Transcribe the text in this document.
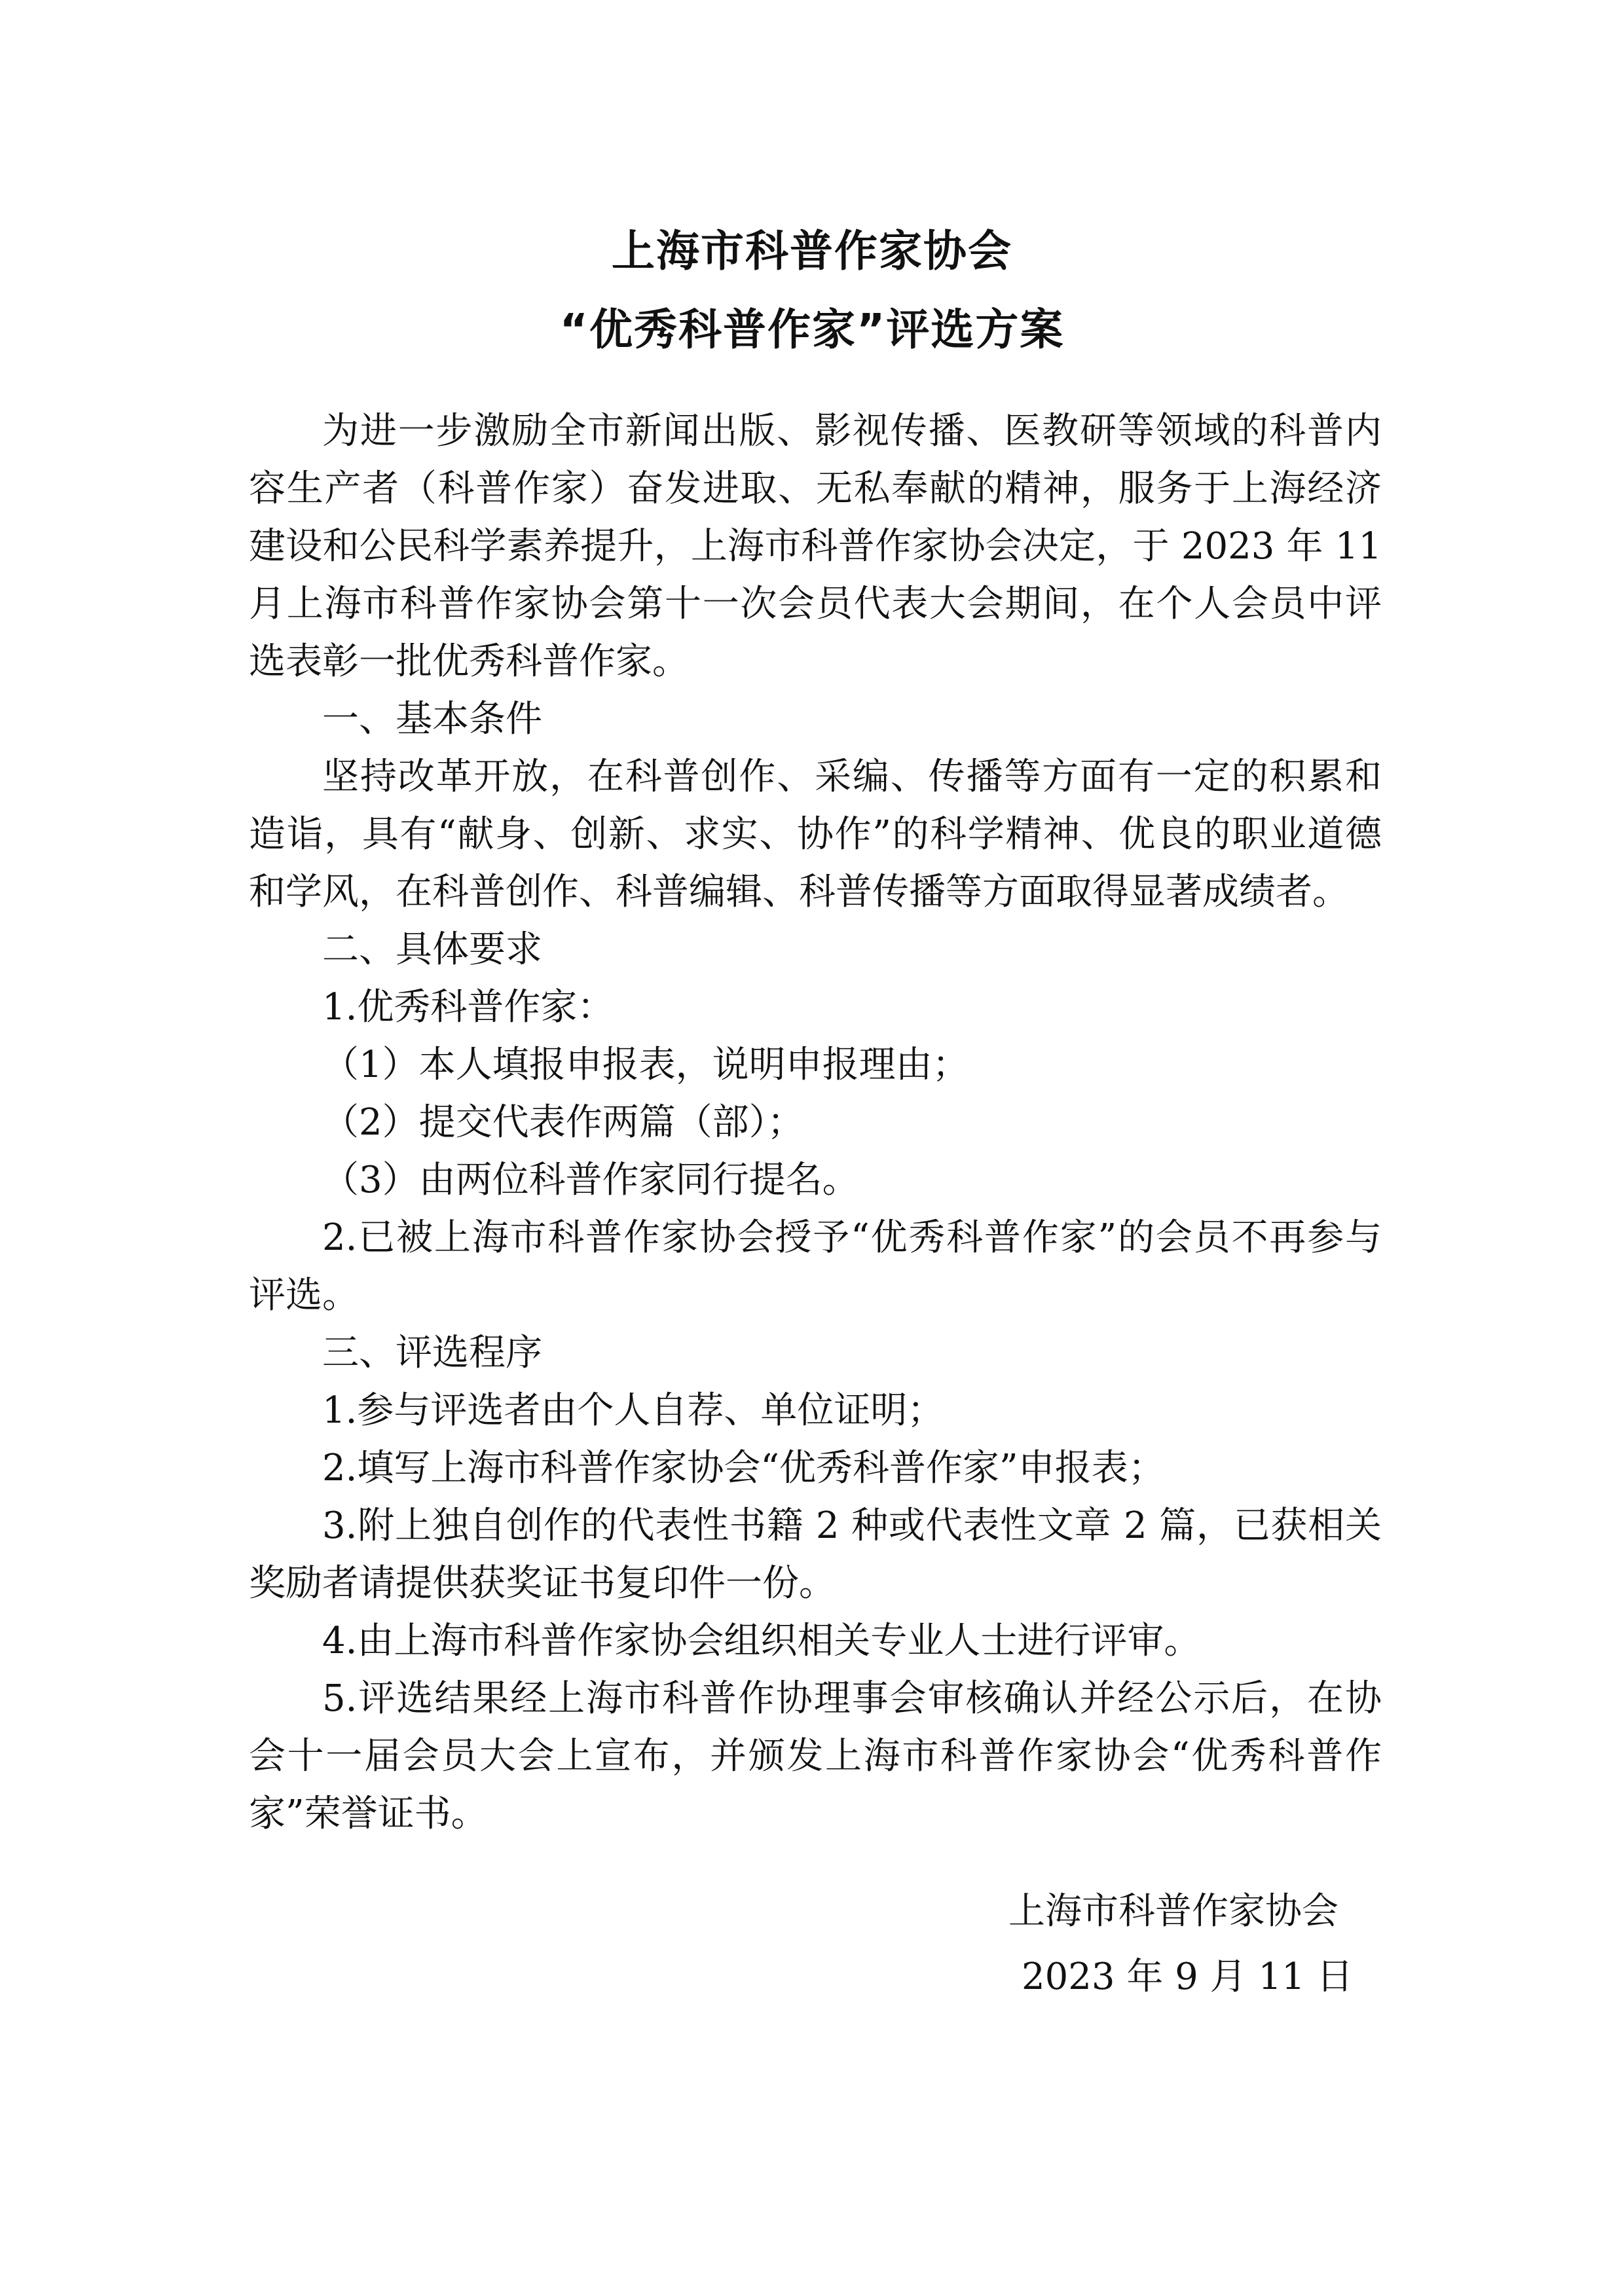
上海市科普作家协会
“优秀科普作家”评选方案

为进一步激励全市新闻出版、影视传播、医教研等领域的科普内容生产者（科普作家）奋发进取、无私奉献的精神，服务于上海经济建设和公民科学素养提升，上海市科普作家协会决定，于 2023 年 11 月上海市科普作家协会第十一次会员代表大会期间，在个人会员中评选表彰一批优秀科普作家。

一、基本条件

坚持改革开放，在科普创作、采编、传播等方面有一定的积累和造诣，具有“献身、创新、求实、协作”的科学精神、优良的职业道德和学风，在科普创作、科普编辑、科普传播等方面取得显著成绩者。

二、具体要求

1.优秀科普作家：

（1）本人填报申报表，说明申报理由；

（2）提交代表作两篇（部）；

（3）由两位科普作家同行提名。

2.已被上海市科普作家协会授予“优秀科普作家”的会员不再参与评选。

三、评选程序

1.参与评选者由个人自荐、单位证明；

2.填写上海市科普作家协会“优秀科普作家”申报表；

3.附上独自创作的代表性书籍 2 种或代表性文章 2 篇，已获相关奖励者请提供获奖证书复印件一份。

4.由上海市科普作家协会组织相关专业人士进行评审。

5.评选结果经上海市科普作协理事会审核确认并经公示后，在协会十一届会员大会上宣布，并颁发上海市科普作家协会“优秀科普作家”荣誉证书。

上海市科普作家协会
2023 年 9 月 11 日
